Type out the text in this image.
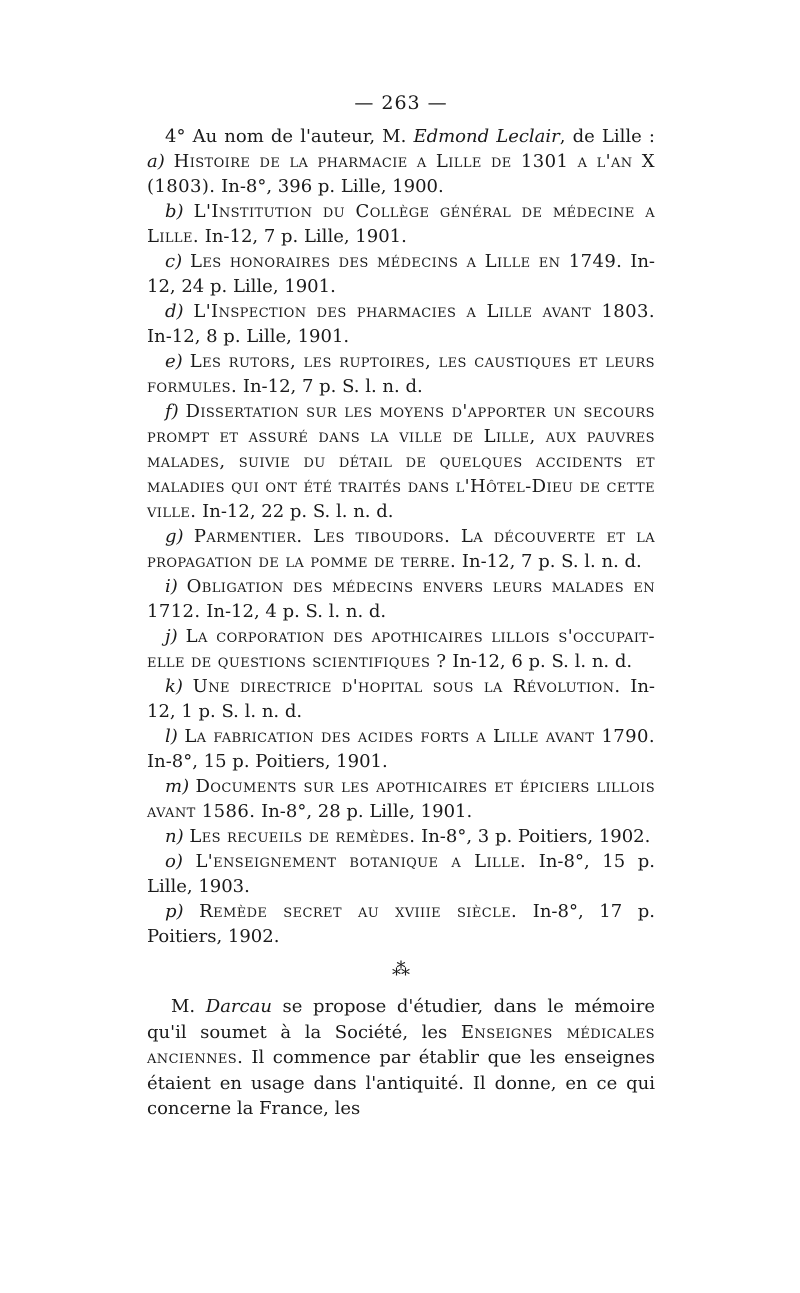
— 263 —

4° Au nom de l'auteur, M. Edmond Leclair, de Lille : a) Histoire de la pharmacie a Lille de 1301 a l'an X (1803). In-8°, 396 p. Lille, 1900.

b) L'Institution du Collège général de médecine a Lille. In-12, 7 p. Lille, 1901.

c) Les honoraires des médecins a Lille en 1749. In-12, 24 p. Lille, 1901.

d) L'Inspection des pharmacies a Lille avant 1803. In-12, 8 p. Lille, 1901.

e) Les rutors, les ruptoires, les caustiques et leurs formules. In-12, 7 p. S. l. n. d.

f) Dissertation sur les moyens d'apporter un secours prompt et assuré dans la ville de Lille, aux pauvres malades, suivie du détail de quelques accidents et maladies qui ont été traités dans l'Hôtel-Dieu de cette ville. In-12, 22 p. S. l. n. d.

g) Parmentier. Les tiboudors. La découverte et la propagation de la pomme de terre. In-12, 7 p. S. l. n. d.

i) Obligation des médecins envers leurs malades en 1712. In-12, 4 p. S. l. n. d.

j) La corporation des apothicaires lillois s'occupait-elle de questions scientifiques ? In-12, 6 p. S. l. n. d.

k) Une directrice d'hopital sous la Révolution. In-12, 1 p. S. l. n. d.

l) La fabrication des acides forts a Lille avant 1790. In-8°, 15 p. Poitiers, 1901.

m) Documents sur les apothicaires et épiciers lillois avant 1586. In-8°, 28 p. Lille, 1901.

n) Les recueils de remèdes. In-8°, 3 p. Poitiers, 1902.

o) L'enseignement botanique a Lille. In-8°, 15 p. Lille, 1903.

p) Remède secret au xviiie siècle. In-8°, 17 p. Poitiers, 1902.

⁂

M. Darcau se propose d'étudier, dans le mémoire qu'il soumet à la Société, les Enseignes médicales anciennes. Il commence par établir que les enseignes étaient en usage dans l'antiquité. Il donne, en ce qui concerne la France, les
